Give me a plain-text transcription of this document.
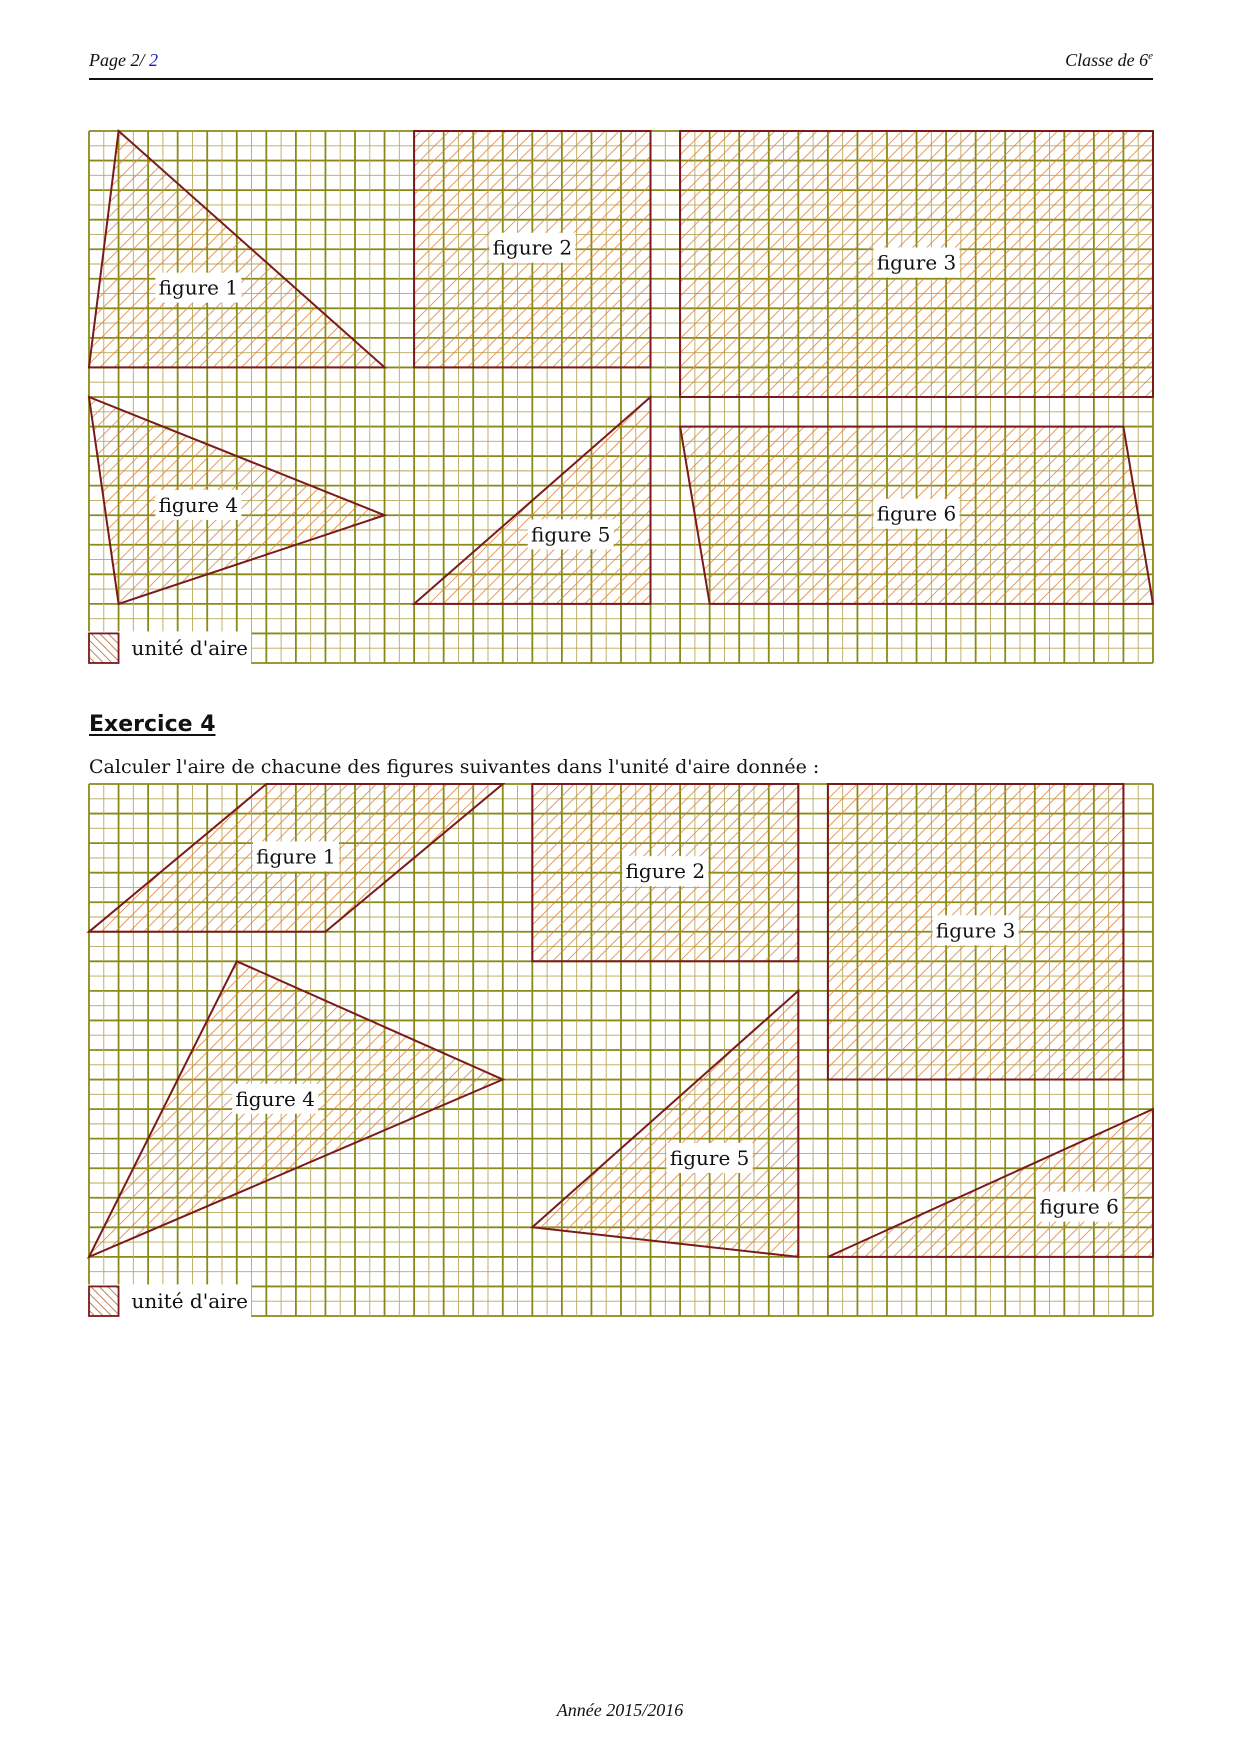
Page 2/ 2	Classe de 6e
figure 1
figure 2
figure 3
figure 4
figure 5
figure 6
unité d'aire
Exercice 4
Calculer l'aire de chacune des figures suivantes dans l'unité d'aire donnée :
figure 1
figure 2
figure 3
figure 4
figure 5
figure 6
unité d'aire
Année 2015/2016
